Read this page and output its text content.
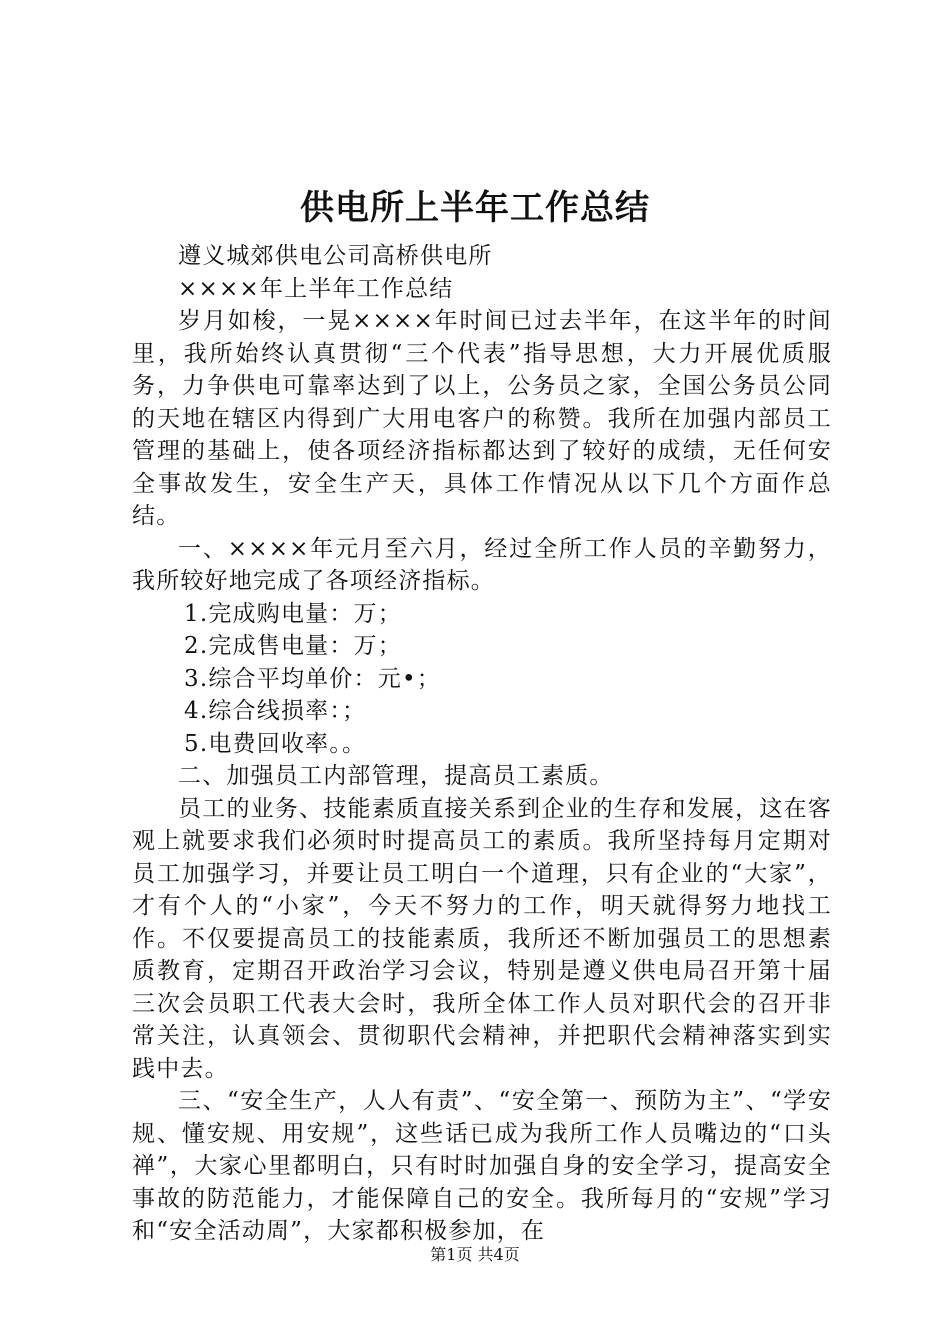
供电所上半年工作总结

遵义城郊供电公司高桥供电所

××××年上半年工作总结

岁月如梭，一晃××××年时间已过去半年，在这半年的时间里，我所始终认真贯彻“三个代表”指导思想，大力开展优质服务，力争供电可靠率达到了以上，公务员之家，全国公务员公同的天地在辖区内得到广大用电客户的称赞。我所在加强内部员工管理的基础上，使各项经济指标都达到了较好的成绩，无任何安全事故发生，安全生产天，具体工作情况从以下几个方面作总结。

一、××××年元月至六月，经过全所工作人员的辛勤努力，我所较好地完成了各项经济指标。

1.完成购电量：万；

2.完成售电量：万；

3.综合平均单价：元•；

4.综合线损率：；

5.电费回收率。。

二、加强员工内部管理，提高员工素质。

员工的业务、技能素质直接关系到企业的生存和发展，这在客观上就要求我们必须时时提高员工的素质。我所坚持每月定期对员工加强学习，并要让员工明白一个道理，只有企业的“大家”，才有个人的“小家”，今天不努力的工作，明天就得努力地找工作。不仅要提高员工的技能素质，我所还不断加强员工的思想素质教育，定期召开政治学习会议，特别是遵义供电局召开第十届三次会员职工代表大会时，我所全体工作人员对职代会的召开非常关注，认真领会、贯彻职代会精神，并把职代会精神落实到实践中去。

三、“安全生产，人人有责”、“安全第一、预防为主”、“学安规、懂安规、用安规”，这些话已成为我所工作人员嘴边的“口头禅”，大家心里都明白，只有时时加强自身的安全学习，提高安全事故的防范能力，才能保障自己的安全。我所每月的“安规”学习和“安全活动周”，大家都积极参加，在

第1页 共4页
